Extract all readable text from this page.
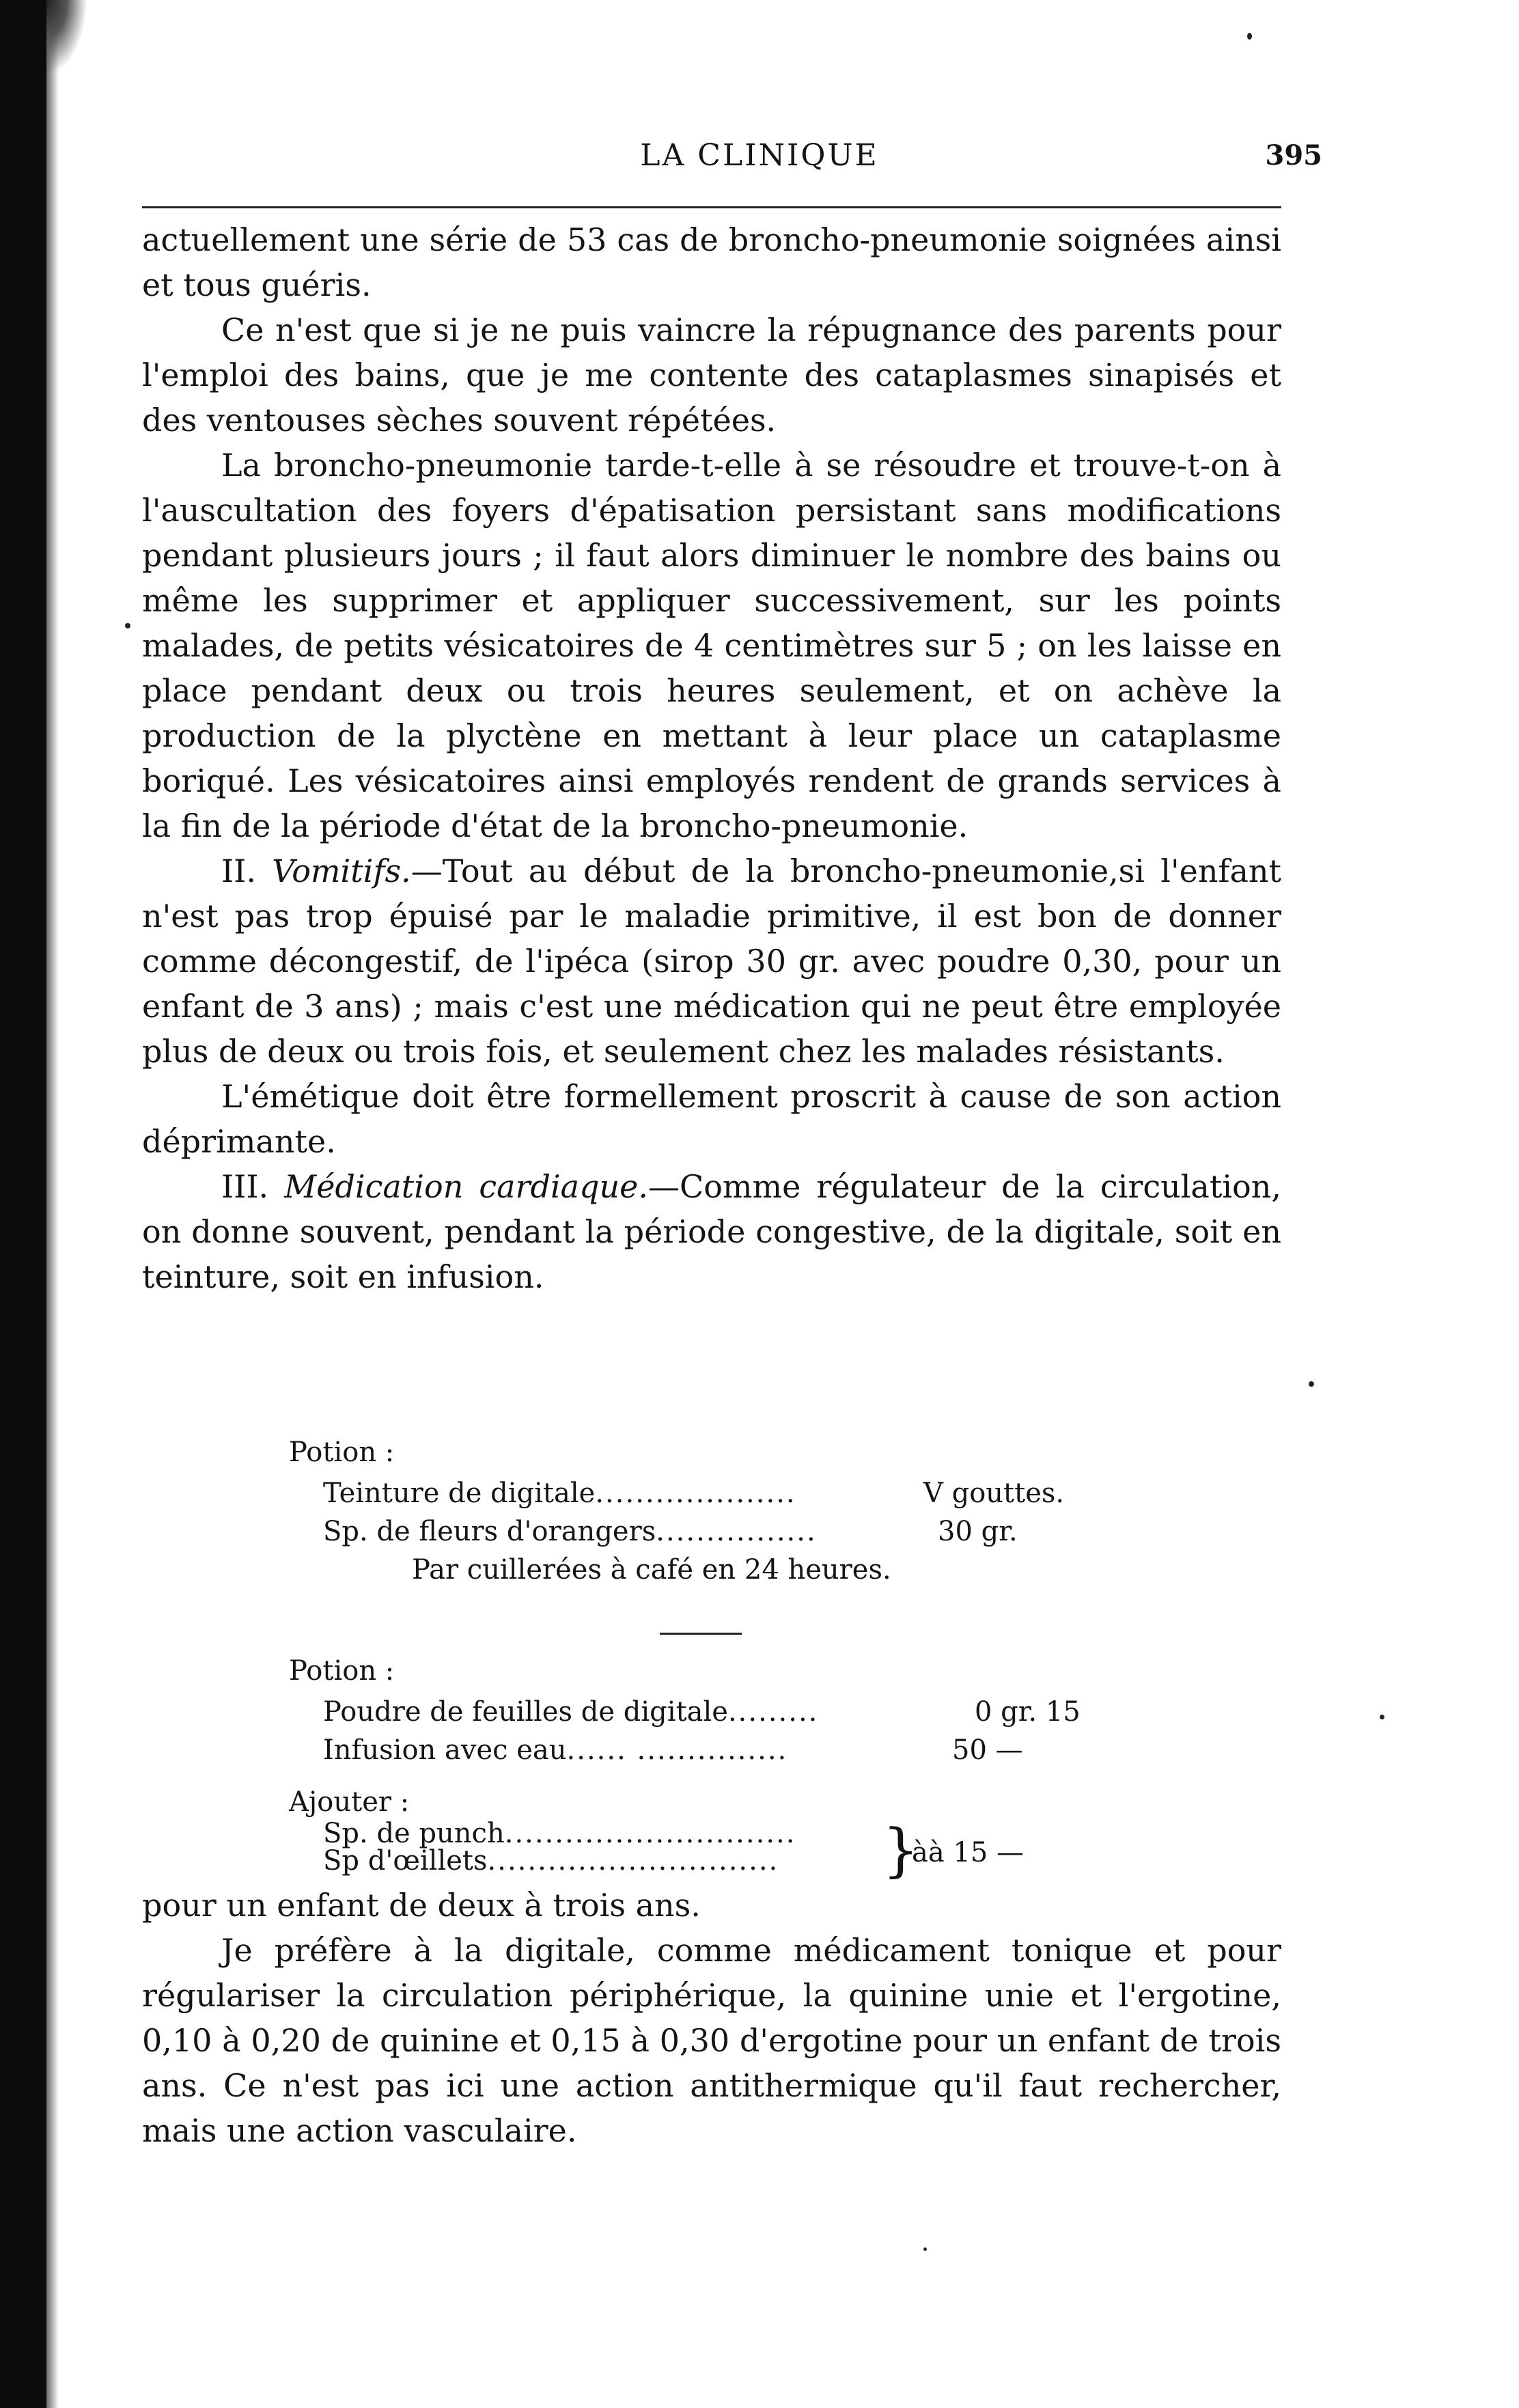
LA CLINIQUE	395

actuellement une série de 53 cas de broncho-pneumonie soignées ainsi et tous guéris.

Ce n'est que si je ne puis vaincre la répugnance des parents pour l'emploi des bains, que je me contente des cataplasmes sinapisés et des ventouses sèches souvent répétées.

La broncho-pneumonie tarde-t-elle à se résoudre et trouve-t-on à l'auscultation des foyers d'épatisation persistant sans modifications pendant plusieurs jours ; il faut alors diminuer le nombre des bains ou même les supprimer et appliquer successivement, sur les points malades, de petits vésicatoires de 4 centimètres sur 5 ; on les laisse en place pendant deux ou trois heures seulement, et on achève la production de la plyctène en mettant à leur place un cataplasme boriqué. Les vésicatoires ainsi employés rendent de grands services à la fin de la période d'état de la broncho-pneumonie.

II. Vomitifs.—Tout au début de la broncho-pneumonie,si l'enfant n'est pas trop épuisé par le maladie primitive, il est bon de donner comme décongestif, de l'ipéca (sirop 30 gr. avec poudre 0,30, pour un enfant de 3 ans) ; mais c'est une médication qui ne peut être employée plus de deux ou trois fois, et seulement chez les malades résistants.

L'émétique doit être formellement proscrit à cause de son action déprimante.

III. Médication cardiaque.—Comme régulateur de la circulation, on donne souvent, pendant la période congestive, de la digitale, soit en teinture, soit en infusion.

Potion :
Teinture de digitale....................	V gouttes.
Sp. de fleurs d'orangers................	30 gr.
Par cuillerées à café en 24 heures.
Potion :
Poudre de feuilles de digitale.........	0 gr. 15
Infusion avec eau...... ...............	50 —
Ajouter :
Sp. de punch.............................
Sp d'œillets............................. }
àà 15 —

pour un enfant de deux à trois ans.

Je préfère à la digitale, comme médicament tonique et pour régulariser la circulation périphérique, la quinine unie et l'ergotine, 0,10 à 0,20 de quinine et 0,15 à 0,30 d'ergotine pour un enfant de trois ans. Ce n'est pas ici une action antithermique qu'il faut rechercher, mais une action vasculaire.
